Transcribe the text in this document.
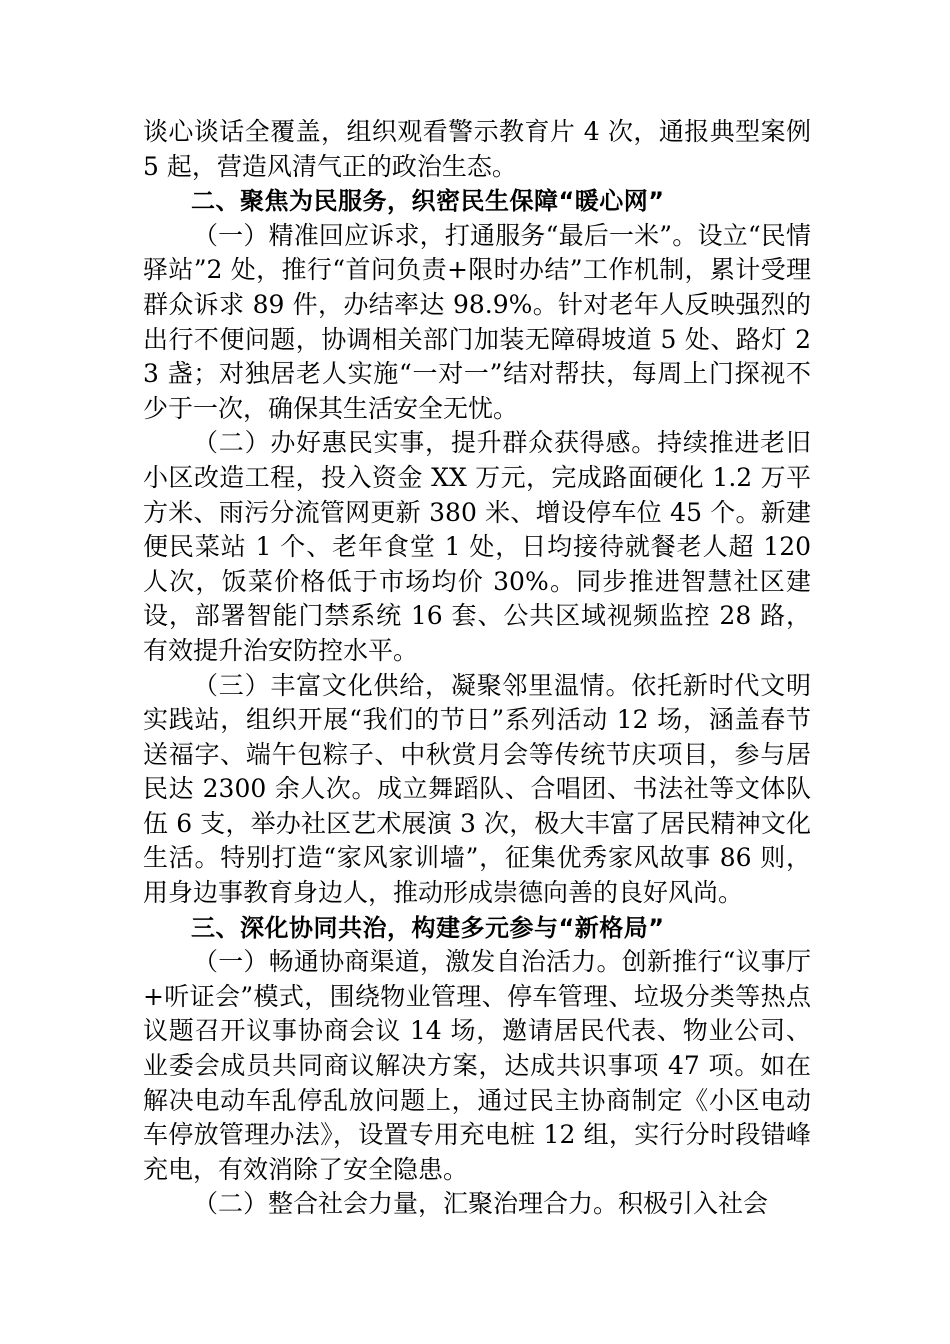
谈心谈话全覆盖，组织观看警示教育片 4 次，通报典型案例 5 起，营造风清气正的政治生态。

二、聚焦为民服务，织密民生保障“暖心网”

（一）精准回应诉求，打通服务“最后一米”。设立“民情驿站”2 处，推行“首问负责+限时办结”工作机制，累计受理群众诉求 89 件，办结率达 98.9%。针对老年人反映强烈的出行不便问题，协调相关部门加装无障碍坡道 5 处、路灯 23 盏；对独居老人实施“一对一”结对帮扶，每周上门探视不少于一次，确保其生活安全无忧。

（二）办好惠民实事，提升群众获得感。持续推进老旧小区改造工程，投入资金 XX 万元，完成路面硬化 1.2 万平方米、雨污分流管网更新 380 米、增设停车位 45 个。新建便民菜站 1 个、老年食堂 1 处，日均接待就餐老人超 120 人次，饭菜价格低于市场均价 30%。同步推进智慧社区建设，部署智能门禁系统 16 套、公共区域视频监控 28 路，有效提升治安防控水平。

（三）丰富文化供给，凝聚邻里温情。依托新时代文明实践站，组织开展“我们的节日”系列活动 12 场，涵盖春节送福字、端午包粽子、中秋赏月会等传统节庆项目，参与居民达 2300 余人次。成立舞蹈队、合唱团、书法社等文体队伍 6 支，举办社区艺术展演 3 次，极大丰富了居民精神文化生活。特别打造“家风家训墙”，征集优秀家风故事 86 则，用身边事教育身边人，推动形成崇德向善的良好风尚。

三、深化协同共治，构建多元参与“新格局”

（一）畅通协商渠道，激发自治活力。创新推行“议事厅+听证会”模式，围绕物业管理、停车管理、垃圾分类等热点议题召开议事协商会议 14 场，邀请居民代表、物业公司、业委会成员共同商议解决方案，达成共识事项 47 项。如在解决电动车乱停乱放问题上，通过民主协商制定《小区电动车停放管理办法》，设置专用充电桩 12 组，实行分时段错峰充电，有效消除了安全隐患。

（二）整合社会力量，汇聚治理合力。积极引入社会
